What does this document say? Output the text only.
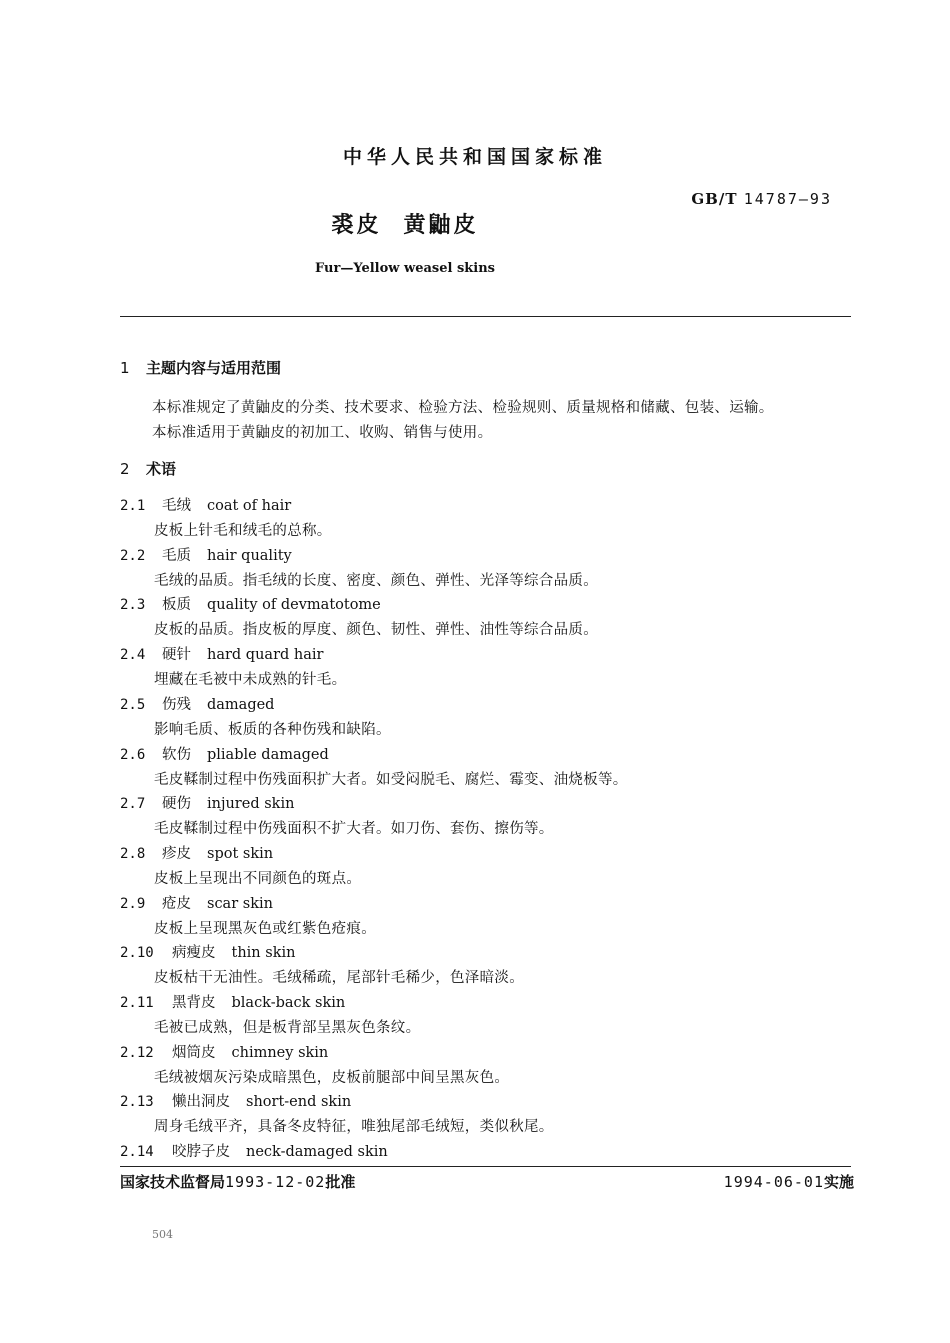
中华人民共和国国家标准
GB/T 14787—93
裘皮 黄鼬皮
Fur—Yellow weasel skins
1 主题内容与适用范围
本标准规定了黄鼬皮的分类、技术要求、检验方法、检验规则、质量规格和储藏、包装、运输。
本标准适用于黄鼬皮的初加工、收购、销售与使用。
2 术语
2.1 毛绒 coat of hair
皮板上针毛和绒毛的总称。
2.2 毛质 hair quality
毛绒的品质。指毛绒的长度、密度、颜色、弹性、光泽等综合品质。
2.3 板质 quality of devmatotome
皮板的品质。指皮板的厚度、颜色、韧性、弹性、油性等综合品质。
2.4 硬针 hard quard hair
埋藏在毛被中未成熟的针毛。
2.5 伤残 damaged
影响毛质、板质的各种伤残和缺陷。
2.6 软伤 pliable damaged
毛皮鞣制过程中伤残面积扩大者。如受闷脱毛、腐烂、霉变、油烧板等。
2.7 硬伤 injured skin
毛皮鞣制过程中伤残面积不扩大者。如刀伤、套伤、擦伤等。
2.8 疹皮 spot skin
皮板上呈现出不同颜色的斑点。
2.9 疮皮 scar skin
皮板上呈现黑灰色或红紫色疮痕。
2.10 病瘦皮 thin skin
皮板枯干无油性。毛绒稀疏，尾部针毛稀少，色泽暗淡。
2.11 黑背皮 black-back skin
毛被已成熟，但是板背部呈黑灰色条纹。
2.12 烟筒皮 chimney skin
毛绒被烟灰污染成暗黑色，皮板前腿部中间呈黑灰色。
2.13 懒出洞皮 short-end skin
周身毛绒平齐，具备冬皮特征，唯独尾部毛绒短，类似秋尾。
2.14 咬脖子皮 neck-damaged skin
国家技术监督局1993-12-02批准	1994-06-01实施
504
